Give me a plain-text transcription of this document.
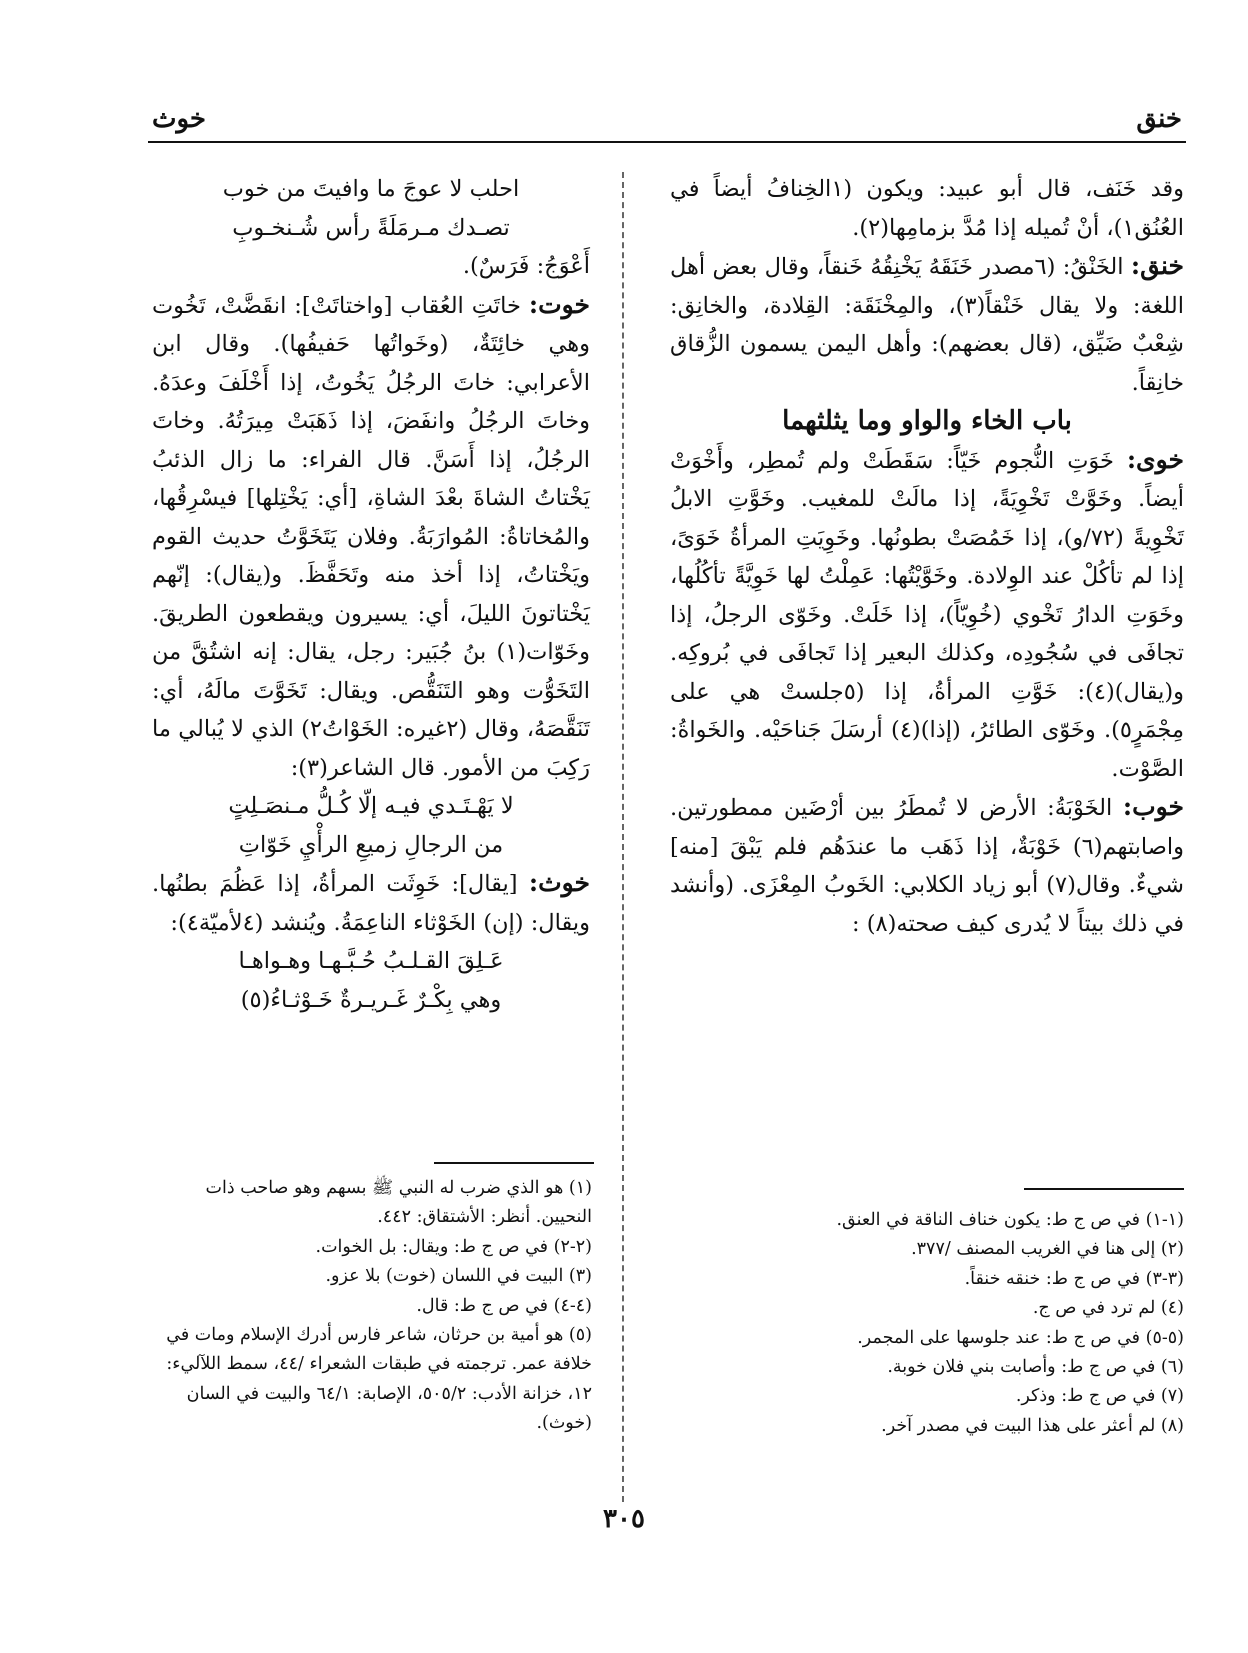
خنق
خوث

وقد خَنَف، قال أبو عبيد: ويكون (١الخِنافُ أيضاً في العُنُق١)، أنْ تُميله إذا مُدَّ بزمامِها(٢).

خنق: الخَنْقُ: (٦مصدر خَنَقَهُ يَخْنِقُهُ خَنقاً، وقال بعض أهل اللغة: ولا يقال خَنْقاً(٣)، والمِخْنَقَة: القِلادة، والخانِق: شِعْبٌ ضَيِّق، (قال بعضهم): وأهل اليمن يسمون الزُّقاق خانِقاً.

باب الخاء والواو وما يثلثهما

خوى: خَوَتِ النُّجوم خَيّاً: سَقَطَتْ ولم تُمطِر، وأَخْوَتْ أيضاً. وخَوَّتْ تَخْوِيَةً، إذا مالَتْ للمغيب. وخَوَّتِ الابلُ تَخْوِيةً (٧٢/و)، إذا خَمُصَتْ بطونُها. وخَوِيَتِ المرأةُ خَوَىً، إذا لم تأكُلْ عند الوِلادة. وخَوَّيْتُها: عَمِلْتُ لها خَوِيَّةً تأكُلُها، وخَوَتِ الدارُ تَخْوي (خُوِيّاً)، إذا خَلَتْ. وخَوّى الرجلُ، إذا تجافَى في سُجُودِه، وكذلك البعير إذا تَجافَى في بُروكِه. و(يقال)(٤): خَوَّتِ المرأةُ، إذا (٥جلستْ هي على مِجْمَرٍ٥). وخَوّى الطائرُ، (إذا)(٤) أرسَلَ جَناحَيْه. والخَواةُ: الصَّوْت.

خوب: الخَوْبَةُ: الأرض لا تُمطَرُ بين أرْضَين ممطورتين. واصابتهم(٦) خَوْبَةٌ، إذا ذَهَب ما عندَهُم فلم يَبْقَ [منه] شيءٌ. وقال(٧) أبو زياد الكلابي: الخَوبُ المِعْزَى. (وأنشد في ذلك بيتاً لا يُدرى كيف صحته(٨) :

احلب لا عوجَ ما وافيتَ من خوب

تصـدك مـرمَلَةً رأس شُـنخـوبِ

أَعْوَجُ: فَرَسٌ).

خوت: خاتَتِ العُقاب [واختاتَتْ]: انقَضَّتْ، تَخُوت وهي خائِتَةٌ، (وخَواتُها حَفيفُها). وقال ابن الأعرابي: خاتَ الرجُلُ يَخُوتُ، إذا أَخْلَفَ وعدَهُ. وخاتَ الرجُلُ وانفَضَ، إذا ذَهَبَتْ مِيرَتُهُ. وخاتَ الرجُلُ، إذا أَسَنَّ. قال الفراء: ما زال الذئبُ يَخْتاتُ الشاةَ بعْدَ الشاةِ، [أي: يَخْتِلها] فيسْرِقُها، والمُخاتاةُ: المُوارَبَةُ. وفلان يَتَخَوَّتُ حديث القوم ويَخْتاتُ، إذا أخذ منه وتَحَفَّظَ. و(يقال): إنّهم يَخْتاتونَ الليلَ، أي: يسيرون ويقطعون الطريقَ. وخَوّات(١) بنُ جُبَير: رجل، يقال: إنه اشتُقَّ من التَخَوُّت وهو التَنَقُّص. ويقال: تَخَوَّتَ مالَهُ، أي: تَنَقَّصَهُ، وقال (٢غيره: الخَوْاتُ٢) الذي لا يُبالي ما رَكِبَ من الأمور. قال الشاعر(٣):

لا يَهْـتَـدي فيـه إلّا كُـلُّ مـنصَـلِتٍ

من الرجالِ زميعِ الرأْيِ خَوّاتِ

خوث: [يقال]: خَوِثَت المرأةُ، إذا عَظُمَ بطنُها. ويقال: (إن) الخَوْثاء الناعِمَةُ. ويُنشد (٤لأميّة٤):

عَـلِقَ القـلـبُ حُـبَّـهـا وهـواهـا

وهي بِكْـرٌ غَـريـرةٌ خَـوْثـاءُ(٥)

(١-١) في ص ج ط: يكون خناف الناقة في العنق.

(٢) إلى هنا في الغريب المصنف /٣٧٧.

(٣-٣) في ص ج ط: خنقه خنقاً.

(٤) لم ترد في ص ج.

(٥-٥) في ص ج ط: عند جلوسها على المجمر.

(٦) في ص ج ط: وأصابت بني فلان خوبة.

(٧) في ص ج ط: وذكر.

(٨) لم أعثر على هذا البيت في مصدر آخر.

(١) هو الذي ضرب له النبي ﷺ بسهم وهو صاحب ذات النحيين. أنظر: الأشتقاق: ٤٤٢.

(٢-٢) في ص ج ط: ويقال: بل الخوات.

(٣) البيت في اللسان (خوت) بلا عزو.

(٤-٤) في ص ج ط: قال.

(٥) هو أمية بن حرثان، شاعر فارس أدرك الإسلام ومات في خلافة عمر. ترجمته في طبقات الشعراء /٤٤، سمط اللآليء: ١٢، خزانة الأدب: ٥٠٥/٢، الإصابة: ٦٤/١ والبيت في السان (خوث).

٣٠٥
